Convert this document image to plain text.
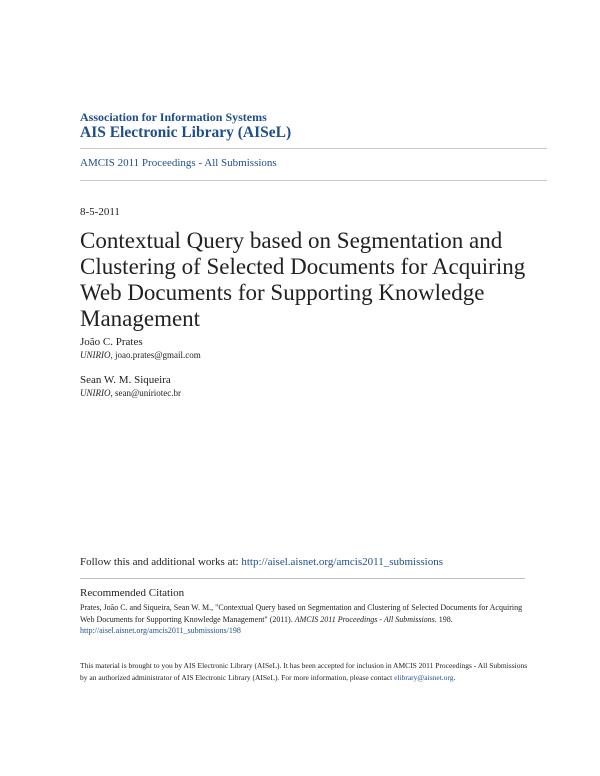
Association for Information Systems
AIS Electronic Library (AISeL)
AMCIS 2011 Proceedings - All Submissions
8-5-2011
Contextual Query based on Segmentation and Clustering of Selected Documents for Acquiring Web Documents for Supporting Knowledge Management
João C. Prates
UNIRIO, joao.prates@gmail.com
Sean W. M. Siqueira
UNIRIO, sean@uniriotec.br
Follow this and additional works at: http://aisel.aisnet.org/amcis2011_submissions
Recommended Citation
Prates, João C. and Siqueira, Sean W. M., "Contextual Query based on Segmentation and Clustering of Selected Documents for Acquiring Web Documents for Supporting Knowledge Management" (2011). AMCIS 2011 Proceedings - All Submissions. 198.
http://aisel.aisnet.org/amcis2011_submissions/198
This material is brought to you by AIS Electronic Library (AISeL). It has been accepted for inclusion in AMCIS 2011 Proceedings - All Submissions by an authorized administrator of AIS Electronic Library (AISeL). For more information, please contact elibrary@aisnet.org.
